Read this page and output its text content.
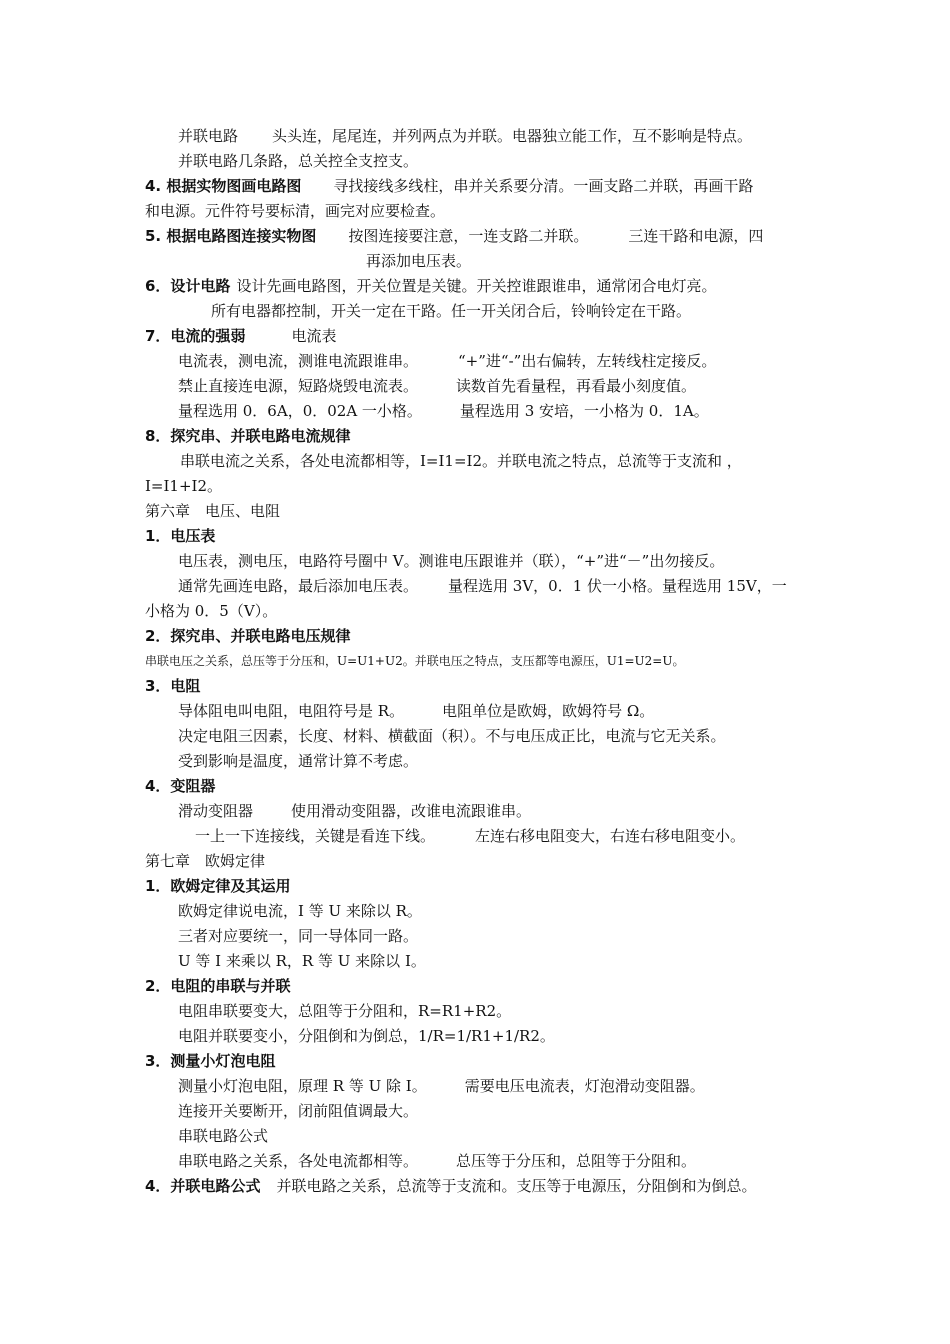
并联电路 头头连，尾尾连，并列两点为并联。电器独立能工作，互不影响是特点。
并联电路几条路，总关控全支控支。
4. 根据实物图画电路图 寻找接线多线柱，串并关系要分清。一画支路二并联，再画干路
和电源。元件符号要标清，画完对应要检查。
5. 根据电路图连接实物图 按图连接要注意，一连支路二并联。	三连干路和电源，四
再添加电压表。
6．设计电路 设计先画电路图，开关位置是关键。开关控谁跟谁串，通常闭合电灯亮。
所有电器都控制，开关一定在干路。任一开关闭合后，铃响铃定在干路。
7．电流的强弱	电流表
电流表，测电流，测谁电流跟谁串。	“+”进“-”出右偏转，左转线柱定接反。
禁止直接连电源，短路烧毁电流表。	读数首先看量程，再看最小刻度值。
量程选用 0．6A，0．02A 一小格。	量程选用 3 安培，一小格为 0．1A。
8．探究串、并联电路电流规律
串联电流之关系，各处电流都相等，I=I1=I2。并联电流之特点，总流等于支流和 ，
I=I1+I2。
第六章　电压、电阻
1．电压表
电压表，测电压，电路符号圈中 V。测谁电压跟谁并（联），“+”进“－”出勿接反。
通常先画连电路，最后添加电压表。 量程选用 3V，0．1 伏一小格。量程选用 15V，一
小格为 0．5（V）。
2．探究串、并联电路电压规律
串联电压之关系，总压等于分压和，U=U1+U2。并联电压之特点，支压都等电源压，U1=U2=U。
3．电阻
导体阻电叫电阻，电阻符号是 R。	电阻单位是欧姆，欧姆符号 Ω。
决定电阻三因素，长度、材料、横截面（积）。不与电压成正比，电流与它无关系。
受到影响是温度，通常计算不考虑。
4．变阻器
滑动变阻器	使用滑动变阻器，改谁电流跟谁串。
一上一下连接线，关键是看连下线。	左连右移电阻变大，右连右移电阻变小。
第七章　欧姆定律
1．欧姆定律及其运用
欧姆定律说电流，I 等 U 来除以 R。
三者对应要统一，同一导体同一路。
U 等 I 来乘以 R，R 等 U 来除以 I。
2．电阻的串联与并联
电阻串联要变大，总阻等于分阻和，R=R1+R2。
电阻并联要变小，分阻倒和为倒总，1/R=1/R1+1/R2。
3．测量小灯泡电阻
测量小灯泡电阻，原理 R 等 U 除 I。	需要电压电流表，灯泡滑动变阻器。
连接开关要断开，闭前阻值调最大。
串联电路公式
串联电路之关系，各处电流都相等。	总压等于分压和，总阻等于分阻和。
4．并联电路公式 并联电路之关系，总流等于支流和。支压等于电源压，分阻倒和为倒总。
